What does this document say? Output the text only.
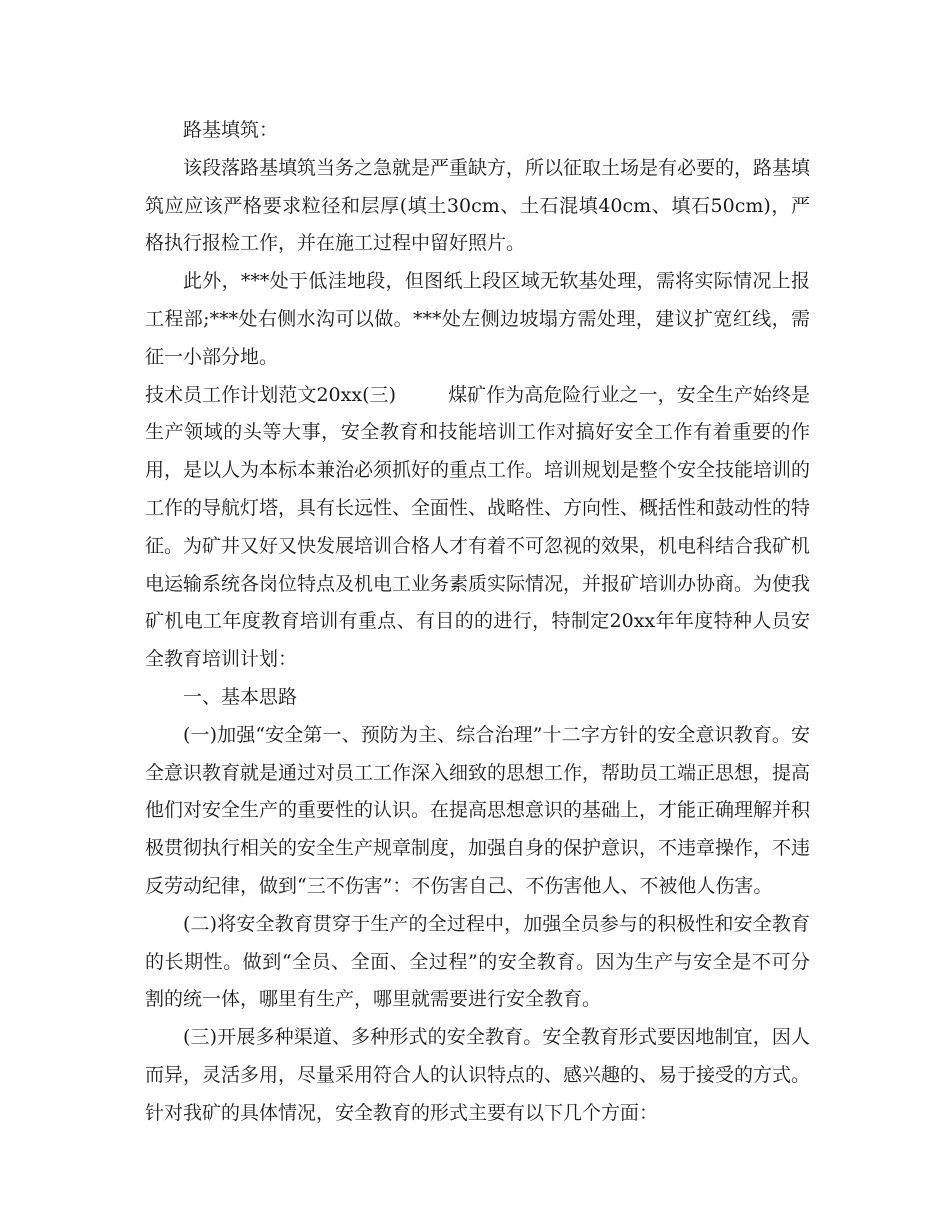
路基填筑：

该段落路基填筑当务之急就是严重缺方，所以征取土场是有必要的，路基填筑应应该严格要求粒径和层厚(填土30cm、土石混填40cm、填石50cm)，严格执行报检工作，并在施工过程中留好照片。

此外，***处于低洼地段，但图纸上段区域无软基处理，需将实际情况上报工程部;***处右侧水沟可以做。***处左侧边坡塌方需处理，建议扩宽红线，需征一小部分地。

技术员工作计划范文20xx(三)	煤矿作为高危险行业之一，安全生产始终是生产领域的头等大事，安全教育和技能培训工作对搞好安全工作有着重要的作用，是以人为本标本兼治必须抓好的重点工作。培训规划是整个安全技能培训的工作的导航灯塔，具有长远性、全面性、战略性、方向性、概括性和鼓动性的特征。为矿井又好又快发展培训合格人才有着不可忽视的效果，机电科结合我矿机电运输系统各岗位特点及机电工业务素质实际情况，并报矿培训办协商。为使我矿机电工年度教育培训有重点、有目的的进行，特制定20xx年年度特种人员安全教育培训计划：

一、基本思路

(一)加强“安全第一、预防为主、综合治理”十二字方针的安全意识教育。安全意识教育就是通过对员工工作深入细致的思想工作，帮助员工端正思想，提高他们对安全生产的重要性的认识。在提高思想意识的基础上，才能正确理解并积极贯彻执行相关的安全生产规章制度，加强自身的保护意识，不违章操作，不违反劳动纪律，做到“三不伤害”：不伤害自己、不伤害他人、不被他人伤害。

(二)将安全教育贯穿于生产的全过程中，加强全员参与的积极性和安全教育的长期性。做到“全员、全面、全过程”的安全教育。因为生产与安全是不可分割的统一体，哪里有生产，哪里就需要进行安全教育。

(三)开展多种渠道、多种形式的安全教育。安全教育形式要因地制宜，因人而异，灵活多用，尽量采用符合人的认识特点的、感兴趣的、易于接受的方式。针对我矿的具体情况，安全教育的形式主要有以下几个方面：
